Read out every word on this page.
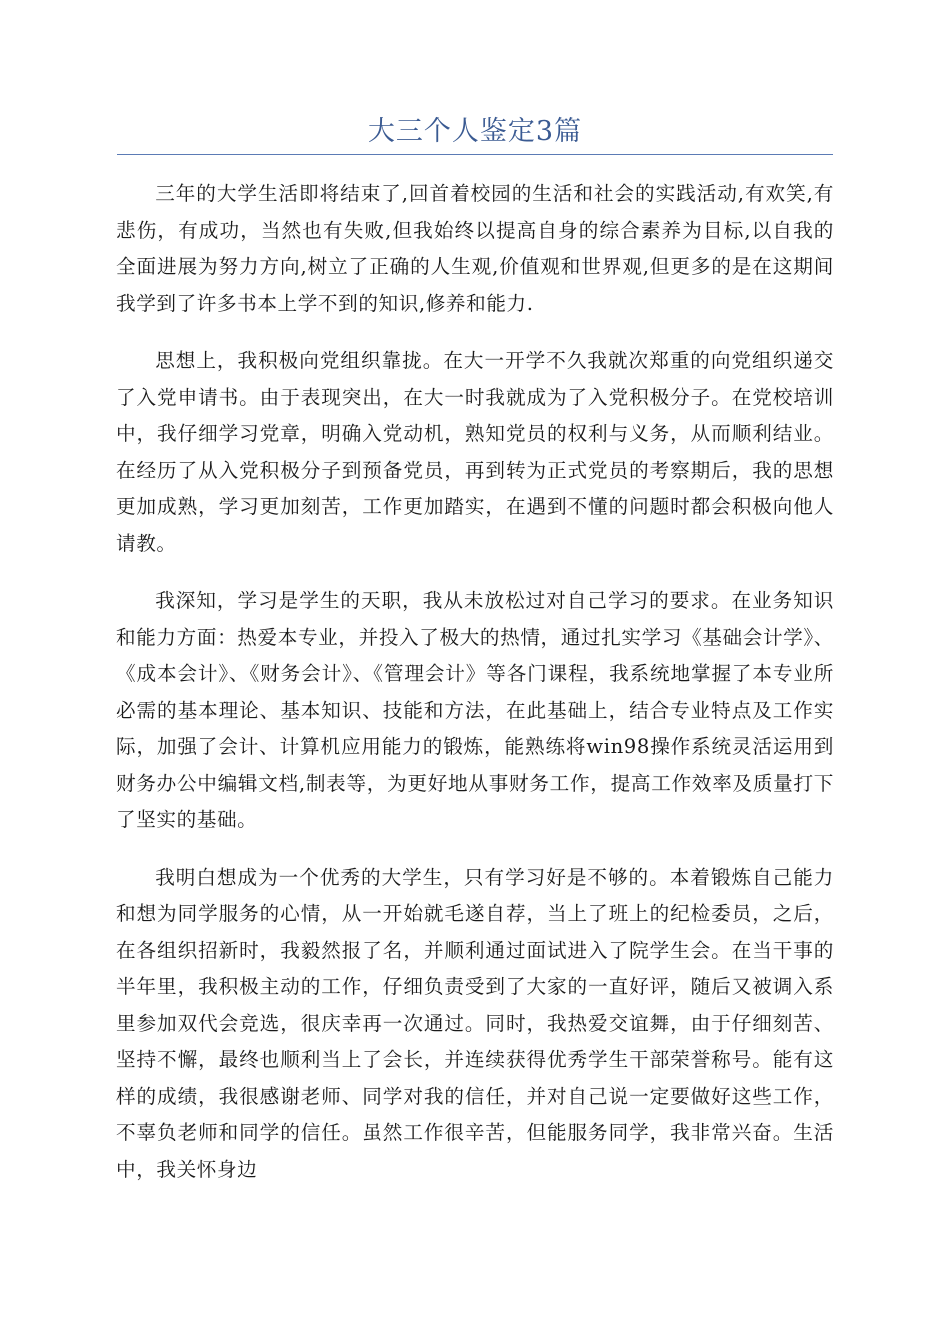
大三个人鉴定3篇

三年的大学生活即将结束了,回首着校园的生活和社会的实践活动,有欢笑,有悲伤，有成功，当然也有失败,但我始终以提高自身的综合素养为目标,以自我的全面进展为努力方向,树立了正确的人生观,价值观和世界观,但更多的是在这期间我学到了许多书本上学不到的知识,修养和能力.

思想上，我积极向党组织靠拢。在大一开学不久我就次郑重的向党组织递交了入党申请书。由于表现突出，在大一时我就成为了入党积极分子。在党校培训中，我仔细学习党章，明确入党动机，熟知党员的权利与义务，从而顺利结业。在经历了从入党积极分子到预备党员，再到转为正式党员的考察期后，我的思想更加成熟，学习更加刻苦，工作更加踏实，在遇到不懂的问题时都会积极向他人请教。

我深知，学习是学生的天职，我从未放松过对自己学习的要求。在业务知识和能力方面：热爱本专业，并投入了极大的热情，通过扎实学习《基础会计学》、《成本会计》、《财务会计》、《管理会计》等各门课程，我系统地掌握了本专业所必需的基本理论、基本知识、技能和方法，在此基础上，结合专业特点及工作实际，加强了会计、计算机应用能力的锻炼，能熟练将win98操作系统灵活运用到财务办公中编辑文档,制表等，为更好地从事财务工作，提高工作效率及质量打下了坚实的基础。

我明白想成为一个优秀的大学生，只有学习好是不够的。本着锻炼自己能力和想为同学服务的心情，从一开始就毛遂自荐，当上了班上的纪检委员，之后，在各组织招新时，我毅然报了名，并顺利通过面试进入了院学生会。在当干事的半年里，我积极主动的工作，仔细负责受到了大家的一直好评，随后又被调入系里参加双代会竞选，很庆幸再一次通过。同时，我热爱交谊舞，由于仔细刻苦、坚持不懈，最终也顺利当上了会长，并连续获得优秀学生干部荣誉称号。能有这样的成绩，我很感谢老师、同学对我的信任，并对自己说一定要做好这些工作，不辜负老师和同学的信任。虽然工作很辛苦，但能服务同学，我非常兴奋。生活中，我关怀身边
